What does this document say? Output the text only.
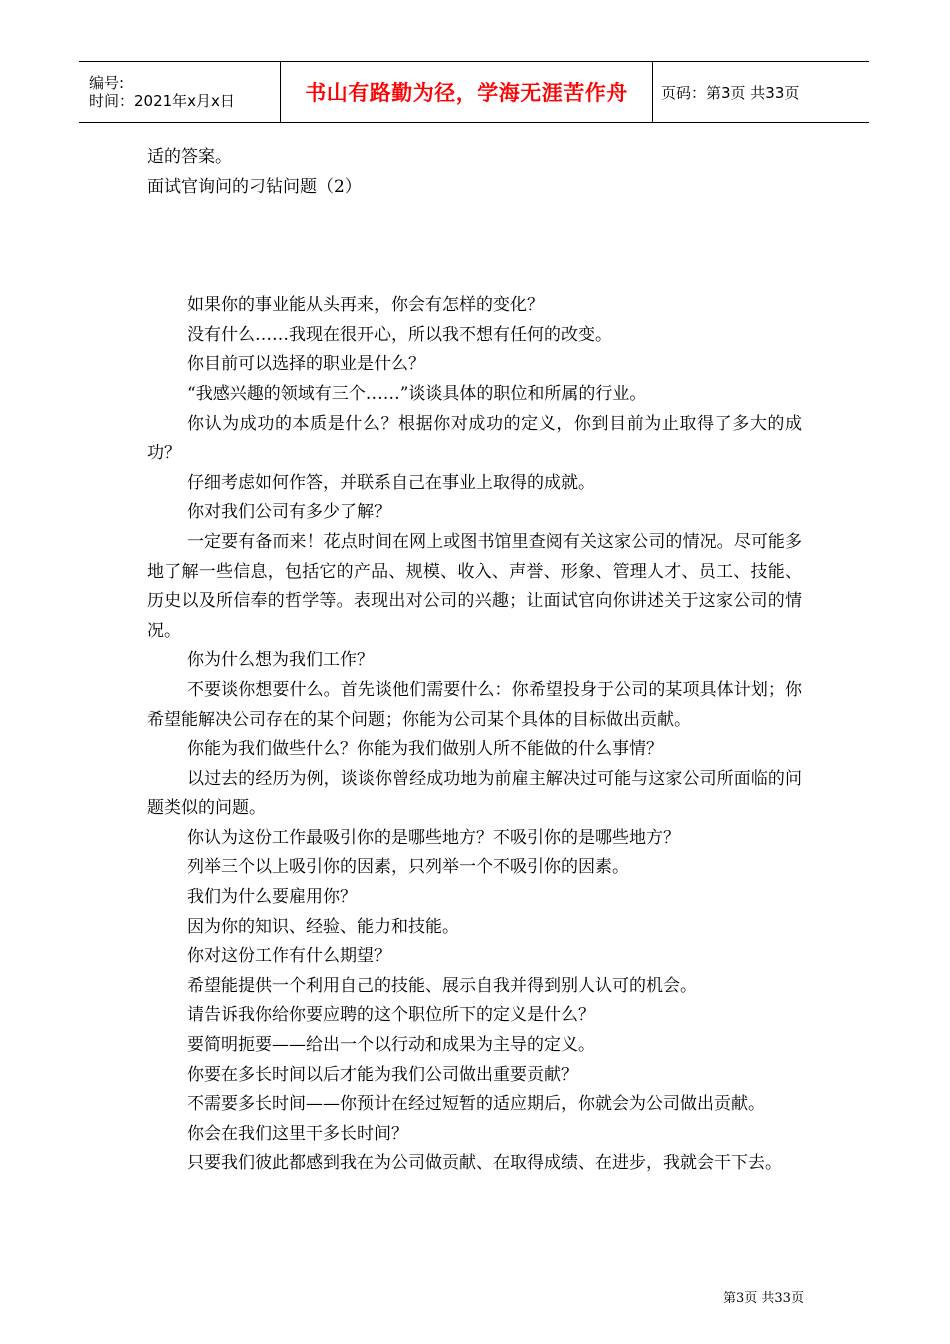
编号:
时间：2021年x月x日	书山有路勤为径，学海无涯苦作舟 页码：第3页 共33页

适的答案。

面试官询问的刁钻问题（2）

如果你的事业能从头再来，你会有怎样的变化？

没有什么……我现在很开心，所以我不想有任何的改变。

你目前可以选择的职业是什么？

“我感兴趣的领域有三个……”谈谈具体的职位和所属的行业。

你认为成功的本质是什么？根据你对成功的定义，你到目前为止取得了多大的成功？

仔细考虑如何作答，并联系自己在事业上取得的成就。

你对我们公司有多少了解？

一定要有备而来！花点时间在网上或图书馆里查阅有关这家公司的情况。尽可能多地了解一些信息，包括它的产品、规模、收入、声誉、形象、管理人才、员工、技能、历史以及所信奉的哲学等。表现出对公司的兴趣；让面试官向你讲述关于这家公司的情况。

你为什么想为我们工作？

不要谈你想要什么。首先谈他们需要什么：你希望投身于公司的某项具体计划；你希望能解决公司存在的某个问题；你能为公司某个具体的目标做出贡献。

你能为我们做些什么？你能为我们做别人所不能做的什么事情？

以过去的经历为例，谈谈你曾经成功地为前雇主解决过可能与这家公司所面临的问题类似的问题。

你认为这份工作最吸引你的是哪些地方？不吸引你的是哪些地方？

列举三个以上吸引你的因素，只列举一个不吸引你的因素。

我们为什么要雇用你？

因为你的知识、经验、能力和技能。

你对这份工作有什么期望？

希望能提供一个利用自己的技能、展示自我并得到别人认可的机会。

请告诉我你给你要应聘的这个职位所下的定义是什么？

要简明扼要——给出一个以行动和成果为主导的定义。

你要在多长时间以后才能为我们公司做出重要贡献？

不需要多长时间——你预计在经过短暂的适应期后，你就会为公司做出贡献。

你会在我们这里干多长时间？

只要我们彼此都感到我在为公司做贡献、在取得成绩、在进步，我就会干下去。

第3页 共33页
